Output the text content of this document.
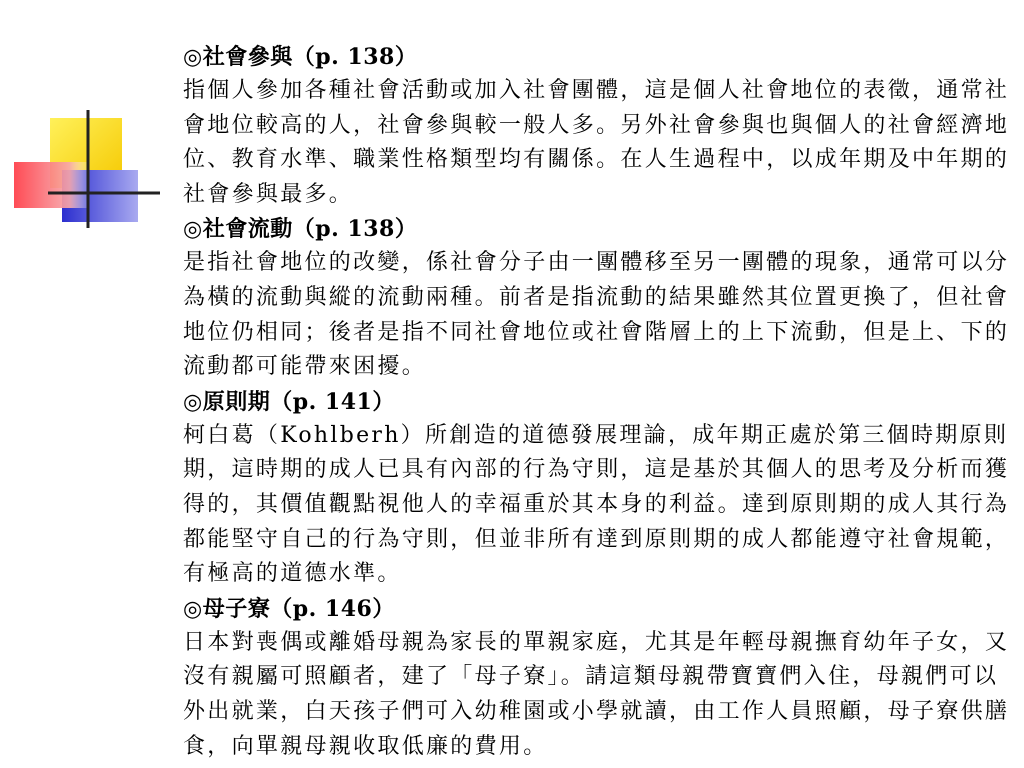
◎社會參與（p. 138）
指個人參加各種社會活動或加入社會團體，這是個人社會地位的表徵，通常社會地位較高的人，社會參與較一般人多。另外社會參與也與個人的社會經濟地位、教育水準、職業性格類型均有關係。在人生過程中，以成年期及中年期的社會參與最多。
◎社會流動（p. 138）
是指社會地位的改變，係社會分子由一團體移至另一團體的現象，通常可以分為橫的流動與縱的流動兩種。前者是指流動的結果雖然其位置更換了，但社會地位仍相同；後者是指不同社會地位或社會階層上的上下流動，但是上、下的流動都可能帶來困擾。
◎原則期（p. 141）
柯白葛（Kohlberh）所創造的道德發展理論，成年期正處於第三個時期原則期，這時期的成人已具有內部的行為守則，這是基於其個人的思考及分析而獲得的，其價值觀點視他人的幸福重於其本身的利益。達到原則期的成人其行為都能堅守自己的行為守則，但並非所有達到原則期的成人都能遵守社會規範，有極高的道德水準。
◎母子寮（p. 146）
日本對喪偶或離婚母親為家長的單親家庭，尤其是年輕母親撫育幼年子女，又沒有親屬可照顧者，建了「母子寮」。請這類母親帶寶寶們入住，母親們可以外出就業，白天孩子們可入幼稚園或小學就讀，由工作人員照顧，母子寮供膳食，向單親母親收取低廉的費用。
